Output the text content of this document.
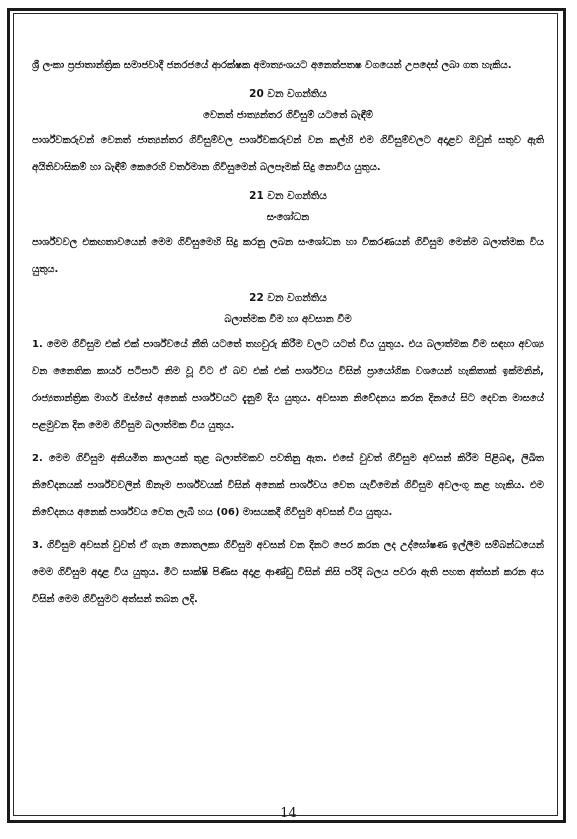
ශ්‍රී ලංකා ප්‍රජාතාන්ත්‍රික සමාජවාදී ජනරජයේ ආරක්ෂක අමාත්‍යංශයට අනෙත්පතෂ වගයෙන් උපදෙස් ලබා ගත හැකිය.

20 වන වගන්තිය
වෙනත් ජාත්‍යන්තර ගිවිසුම් යටතේ බැඳීම්

පාර්ශ්වකරුවන් වෙනත් ජාත්‍යන්තර ගිවිසුම්වල පාර්ශ්වකරුවන් වන කල්හි එම ගිවිසුම්වලට අදාළව ඔවුන් සතුව ඇති අයිතිවාසිකම් හා බැඳීම් කෙරෙහි වර්තමාන ගිවිසුමෙන් බලපෑමක් සිදු නොවිය යුතුය.

21 වන වගන්තිය
සංශෝධන

පාර්ශ්වවල එකඟතාවයෙන් මෙම ගිවිසුමෙහි සිදු කරනු ලබන සංශෝධන හා විකරණයන් ගිවිසුම මෙන්ම බලාත්මක විය යුතුය.

22 වන වගන්තිය
බලාත්මක වීම හා අවසාන වීම

1. මෙම ගිවිසුම එක් එක් පාර්ශ්වයේ නීති යටතේ තහවුරු කිරීම වලට යටත් විය යුතුය. එය බලාත්මක වීම සඳහා අවශ්‍ය වන නෛතික කාර්ය පටිපාටි නිම වූ විට ඒ බව එක් එක් පාර්ශ්වය විසින් ප්‍රායෝගික වශයෙන් හැකිතාක් ඉක්මනින්, රාජ්‍යතාන්ත්‍රික මාර්ග ඔස්සේ අනෙක් පාර්ශ්වයට දැනුම් දිය යුතුය. අවසාන නිවේදනය කරන දිනයේ සිට දෙවන මාසයේ පළමුවන දින මෙම ගිවිසුම බලාත්මක විය යුතුය.

2. මෙම ගිවිසුම අනියමිත කාලයක් තුළ බලාත්මකව පවතිනු ඇත. එසේ වුවත් ගිවිසුම අවසන් කිරීම පිළිබඳ, ලිඛිත නිවේදනයක් පාර්ශ්වවලින් ඕනෑම පාර්ශ්වයක් විසින් අනෙක් පාර්ශ්වය වෙත යැවීමෙන් ගිවිසුම අවලංගු කළ හැකිය. එම නිවේදනය අනෙක් පාර්ශ්වය වෙත ලැබී හය (06) මාසයකදී ගිවිසුම අවසන් විය යුතුය.

3. ගිවිසුම අවසන් වුවත් ඒ ගැන නොතලකා ගිවිසුම අවසන් වන දිනට පෙර කරන ලද උද්ඝෝෂණ ඉල්ලීම සම්බන්ධයෙන් මෙම ගිවිසුම අදාළ විය යුතුය. මීට සාක්ෂි පිණිස අදාළ ආණ්ඩු විසින් නිසි පරිදි බලය පවරා ඇති පහත අත්සන් කරන අය විසින් මෙම ගිවිසුමට අත්සන් තබන ලදි.

14
